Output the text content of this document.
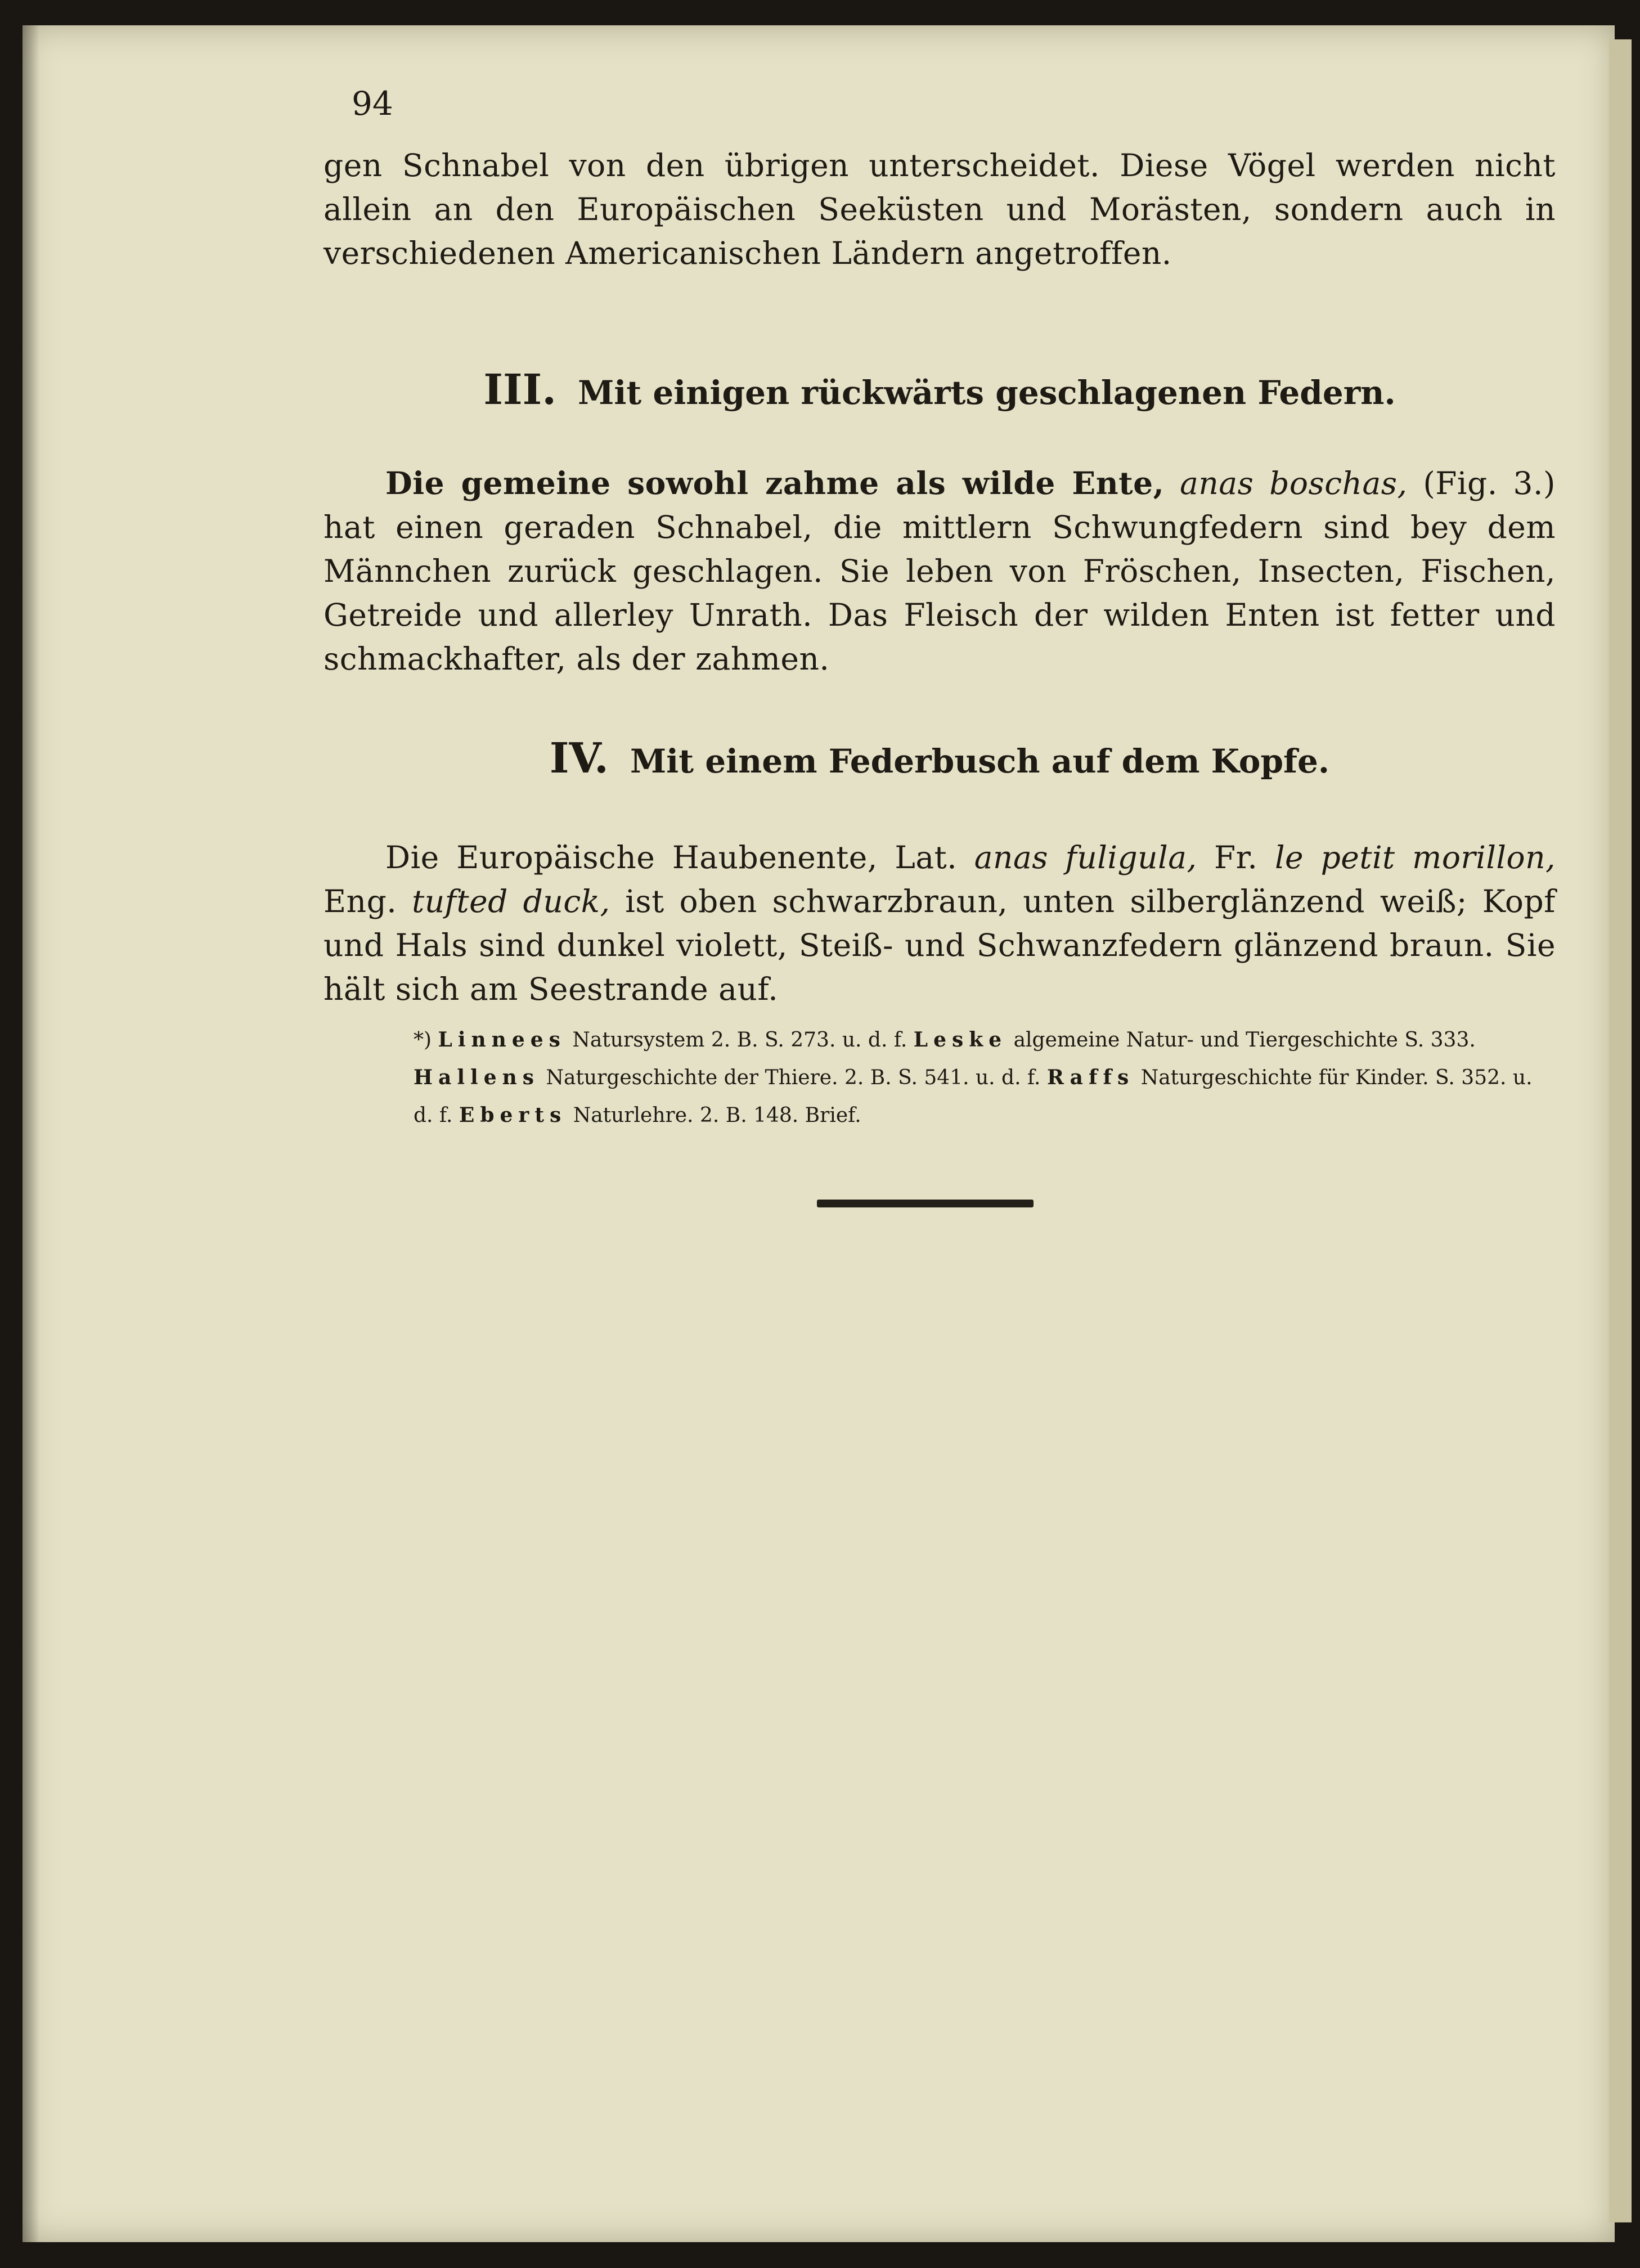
94
gen Schnabel von den übrigen unterscheidet. Diese Vögel werden nicht allein an den Europäischen Seeküsten und Morästen, sondern auch in verschiedenen Americanischen Ländern angetroffen.
III. Mit einigen rückwärts geschlagenen Federn.
Die gemeine sowohl zahme als wilde Ente, anas boschas, (Fig. 3.) hat einen geraden Schnabel, die mittlern Schwungfedern sind bey dem Männchen zurück geschlagen. Sie leben von Fröschen, Insecten, Fischen, Getreide und allerley Unrath. Das Fleisch der wilden Enten ist fetter und schmackhafter, als der zahmen.
IV. Mit einem Federbusch auf dem Kopfe.
Die Europäische Haubenente, Lat. anas fuligula, Fr. le petit morillon, Eng. tufted duck, ist oben schwarzbraun, unten silberglänzend weiß; Kopf und Hals sind dunkel violett, Steiß- und Schwanzfedern glänzend braun. Sie hält sich am Seestrande auf.
*) Linnees Natursystem 2. B. S. 273. u. d. f. Leske algemeine Natur- und Tiergeschichte S. 333. Hallens Naturgeschichte der Thiere. 2. B. S. 541. u. d. f. Raffs Naturgeschichte für Kinder. S. 352. u. d. f. Eberts Naturlehre. 2. B. 148. Brief.
